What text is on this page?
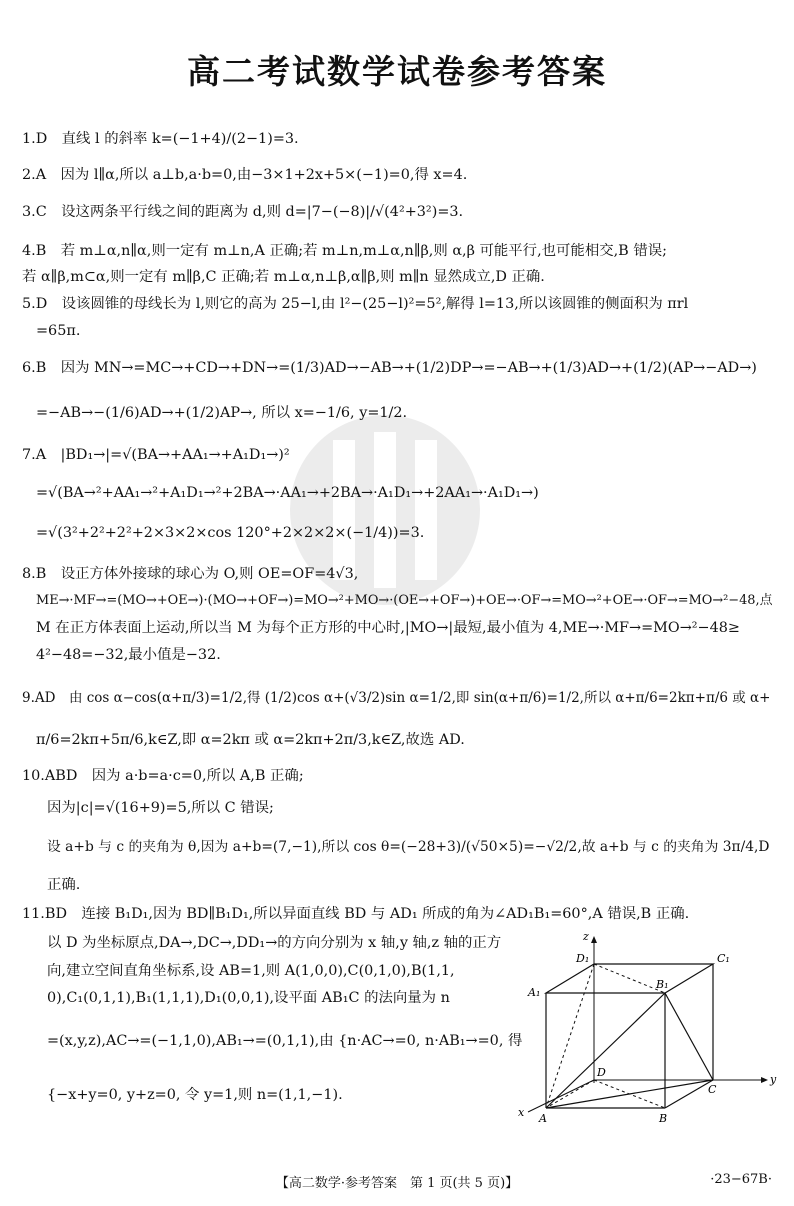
高二考试数学试卷参考答案
1.D　直线 l 的斜率 k=(−1+4)/(2−1)=3.
2.A　因为 l∥α,所以 a⊥b,a·b=0,由−3×1+2x+5×(−1)=0,得 x=4.
3.C　设这两条平行线之间的距离为 d,则 d=|7−(−8)|/√(4²+3²)=3.
4.B　若 m⊥α,n∥α,则一定有 m⊥n,A 正确;若 m⊥n,m⊥α,n∥β,则 α,β 可能平行,也可能相交,B 错误;
若 α∥β,m⊂α,则一定有 m∥β,C 正确;若 m⊥α,n⊥β,α∥β,则 m∥n 显然成立,D 正确.
5.D　设该圆锥的母线长为 l,则它的高为 25−l,由 l²−(25−l)²=5²,解得 l=13,所以该圆锥的侧面积为 πrl
=65π.
6.B　因为 MN→=MC→+CD→+DN→=(1/3)AD→−AB→+(1/2)DP→=−AB→+(1/3)AD→+(1/2)(AP→−AD→)
=−AB→−(1/6)AD→+(1/2)AP→, 所以 x=−1/6, y=1/2.
7.A　|BD₁→|=√(BA→+AA₁→+A₁D₁→)²
=√(BA→²+AA₁→²+A₁D₁→²+2BA→·AA₁→+2BA→·A₁D₁→+2AA₁→·A₁D₁→)
=√(3²+2²+2²+2×3×2×cos 120°+2×2×2×(−1/4))=3.
8.B　设正方体外接球的球心为 O,则 OE=OF=4√3,
ME→·MF→=(MO→+OE→)·(MO→+OF→)=MO→²+MO→·(OE→+OF→)+OE→·OF→=MO→²+OE→·OF→=MO→²−48,点
M 在正方体表面上运动,所以当 M 为每个正方形的中心时,|MO→|最短,最小值为 4,ME→·MF→=MO→²−48≥
4²−48=−32,最小值是−32.
9.AD　由 cos α−cos(α+π/3)=1/2,得 (1/2)cos α+(√3/2)sin α=1/2,即 sin(α+π/6)=1/2,所以 α+π/6=2kπ+π/6 或 α+
π/6=2kπ+5π/6,k∈Z,即 α=2kπ 或 α=2kπ+2π/3,k∈Z,故选 AD.
10.ABD　因为 a·b=a·c=0,所以 A,B 正确;
因为|c|=√(16+9)=5,所以 C 错误;
设 a+b 与 c 的夹角为 θ,因为 a+b=(7,−1),所以 cos θ=(−28+3)/(√50×5)=−√2/2,故 a+b 与 c 的夹角为 3π/4,D
正确.
11.BD　连接 B₁D₁,因为 BD∥B₁D₁,所以异面直线 BD 与 AD₁ 所成的角为∠AD₁B₁=60°,A 错误,B 正确.
以 D 为坐标原点,DA→,DC→,DD₁→的方向分别为 x 轴,y 轴,z 轴的正方
向,建立空间直角坐标系,设 AB=1,则 A(1,0,0),C(0,1,0),B(1,1,
0),C₁(0,1,1),B₁(1,1,1),D₁(0,0,1),设平面 AB₁C 的法向量为 n
=(x,y,z),AC→=(−1,1,0),AB₁→=(0,1,1),由 {n·AC→=0, n·AB₁→=0, 得
{−x+y=0, y+z=0, 令 y=1,则 n=(1,1,−1).
z
D₁	C₁
A₁
B₁
D
C
y
x A	B
【高二数学·参考答案　第 1 页(共 5 页)】	·23−67B·
